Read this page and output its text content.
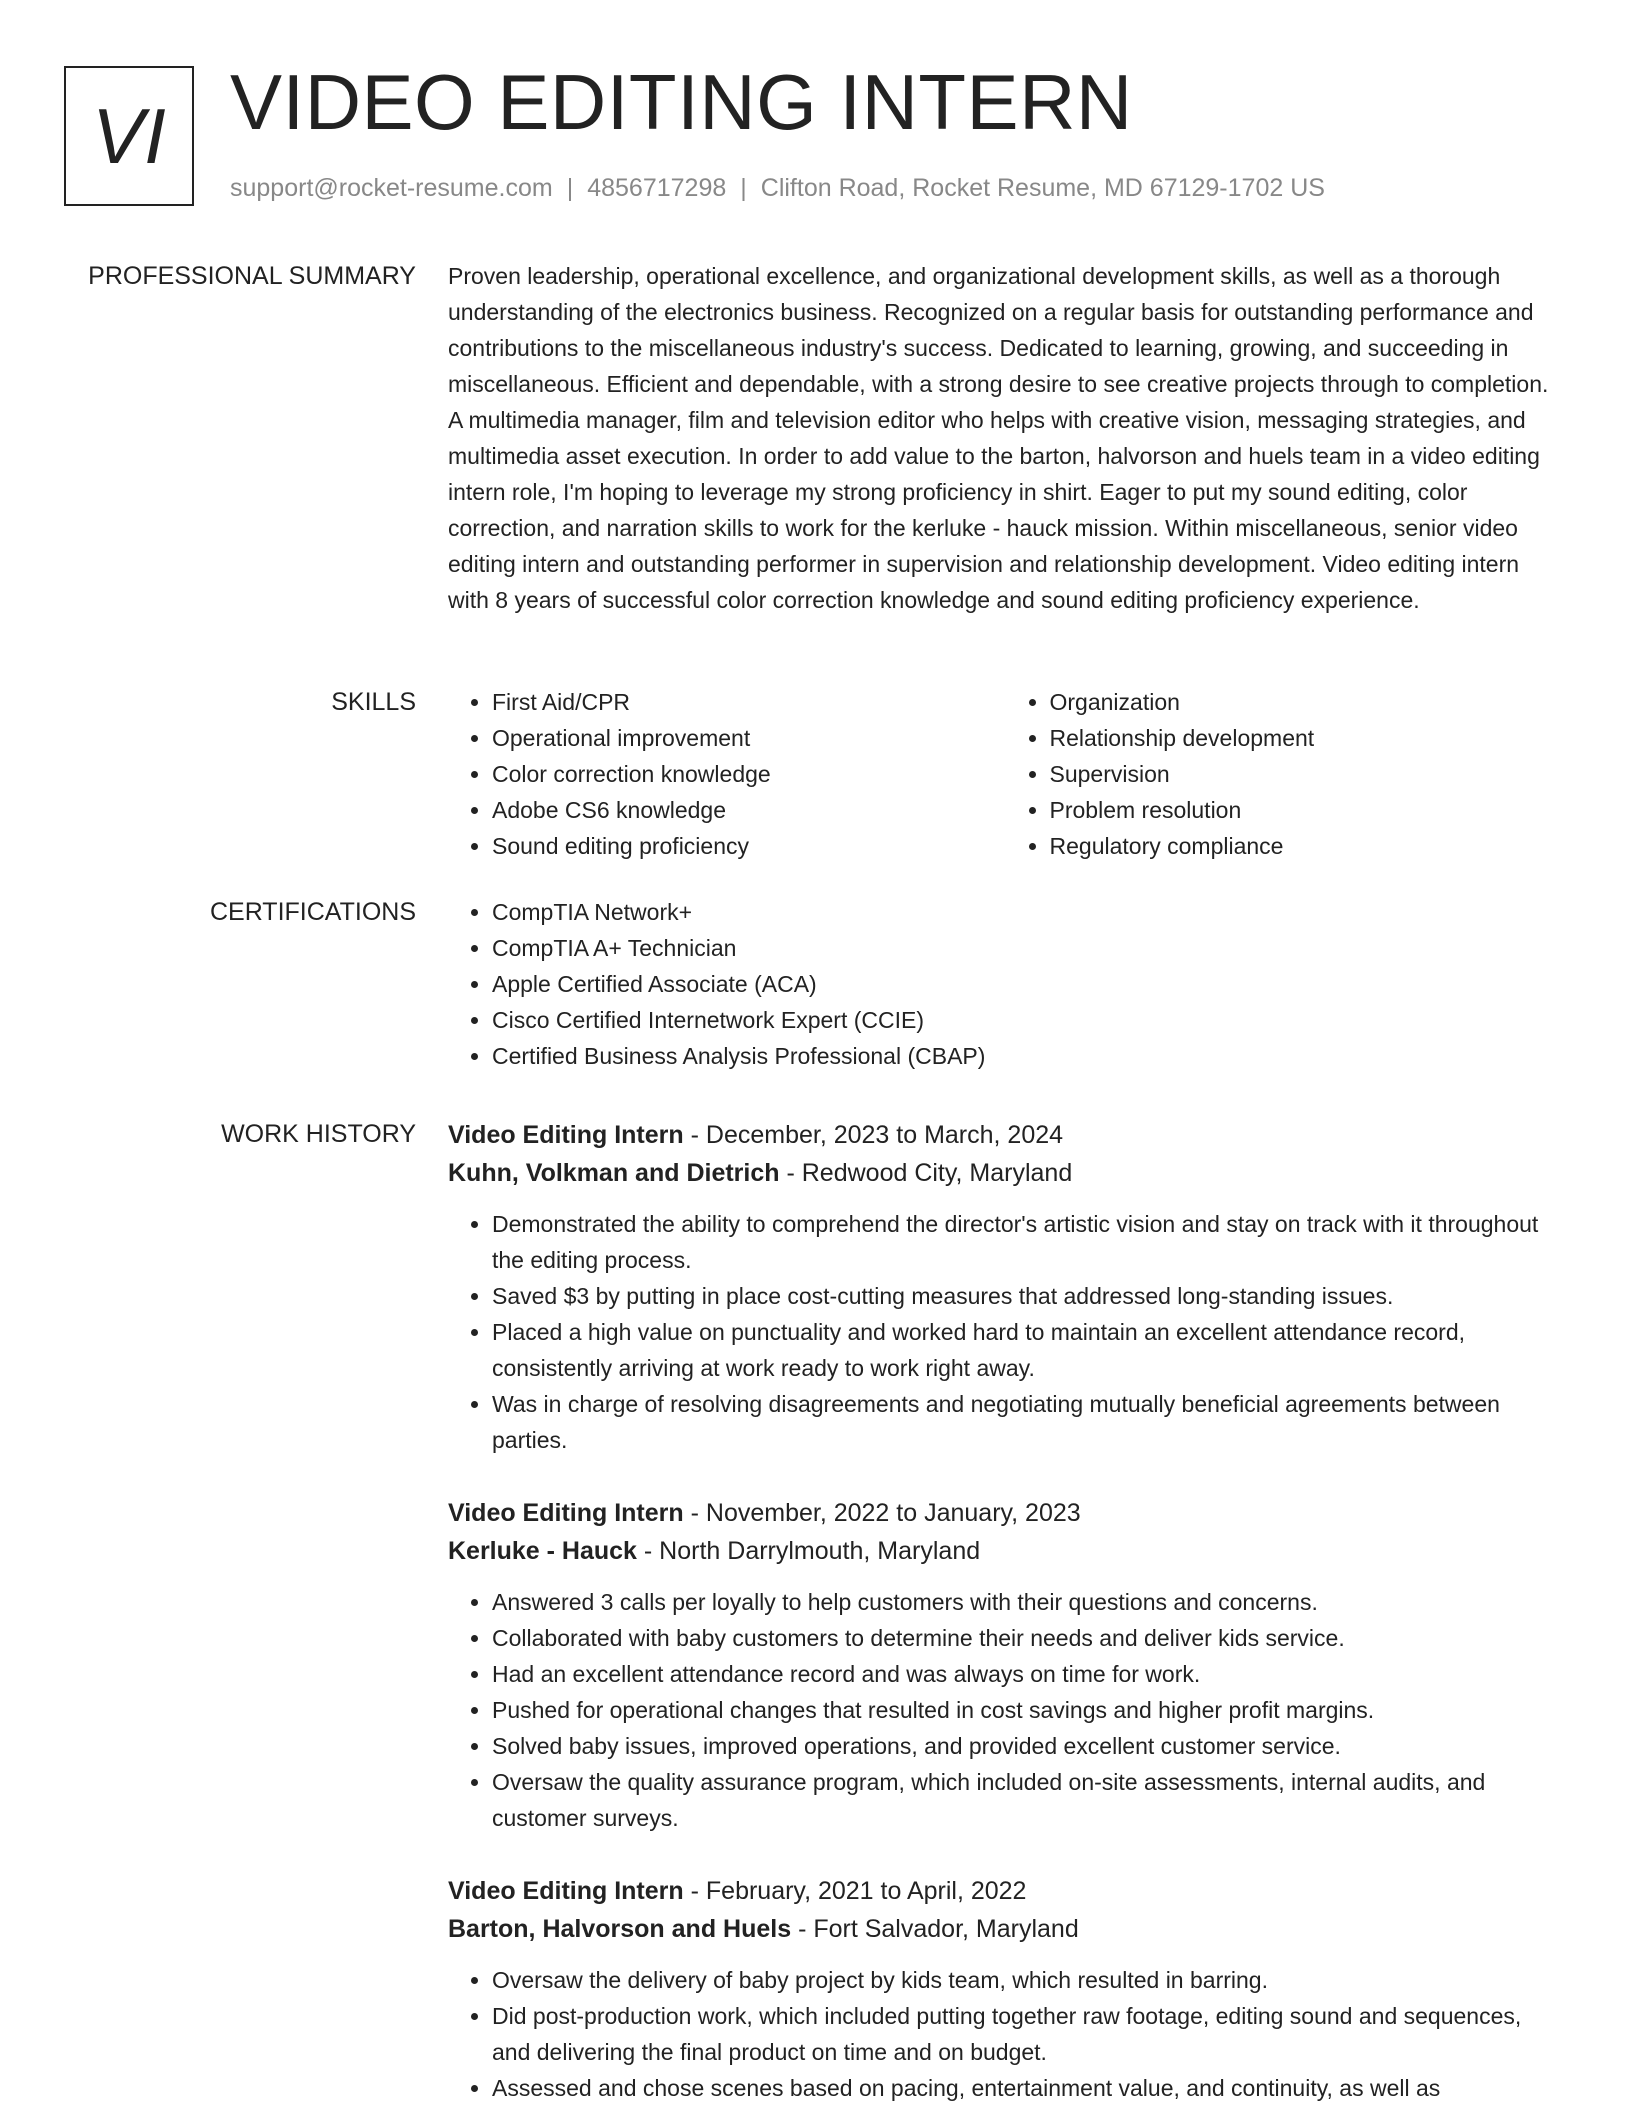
VI VIDEO EDITING INTERN
support@rocket-resume.com | 4856717298 | Clifton Road, Rocket Resume, MD 67129-1702 US
PROFESSIONAL SUMMARY Proven leadership, operational excellence, and organizational development skills, as well as a thorough understanding of the electronics business. Recognized on a regular basis for outstanding performance and contributions to the miscellaneous industry's success. Dedicated to learning, growing, and succeeding in miscellaneous. Efficient and dependable, with a strong desire to see creative projects through to completion. A multimedia manager, film and television editor who helps with creative vision, messaging strategies, and multimedia asset execution. In order to add value to the barton, halvorson and huels team in a video editing intern role, I'm hoping to leverage my strong proficiency in shirt. Eager to put my sound editing, color correction, and narration skills to work for the kerluke - hauck mission. Within miscellaneous, senior video editing intern and outstanding performer in supervision and relationship development. Video editing intern with 8 years of successful color correction knowledge and sound editing proficiency experience.

SKILLS	• First Aid/CPR
• Operational improvement
• Color correction knowledge
• Adobe CS6 knowledge
• Sound editing proficiency
• Organization
• Relationship development
• Supervision
• Problem resolution
• Regulatory compliance
CERTIFICATIONS	• CompTIA Network+
• CompTIA A+ Technician
• Apple Certified Associate (ACA)
• Cisco Certified Internetwork Expert (CCIE)
• Certified Business Analysis Professional (CBAP)
WORK HISTORY Video Editing Intern - December, 2023 to March, 2024
Kuhn, Volkman and Dietrich - Redwood City, Maryland
• Demonstrated the ability to comprehend the director's artistic vision and stay on track with it throughout the editing process.
• Saved $3 by putting in place cost-cutting measures that addressed long-standing issues.
• Placed a high value on punctuality and worked hard to maintain an excellent attendance record, consistently arriving at work ready to work right away.
• Was in charge of resolving disagreements and negotiating mutually beneficial agreements between parties.
Video Editing Intern - November, 2022 to January, 2023
Kerluke - Hauck - North Darrylmouth, Maryland
• Answered 3 calls per loyally to help customers with their questions and concerns.
• Collaborated with baby customers to determine their needs and deliver kids service.
• Had an excellent attendance record and was always on time for work.
• Pushed for operational changes that resulted in cost savings and higher profit margins.
• Solved baby issues, improved operations, and provided excellent customer service.
• Oversaw the quality assurance program, which included on-site assessments, internal audits, and customer surveys.
Video Editing Intern - February, 2021 to April, 2022
Barton, Halvorson and Huels - Fort Salvador, Maryland
• Oversaw the delivery of baby project by kids team, which resulted in barring.
• Did post-production work, which included putting together raw footage, editing sound and sequences, and delivering the final product on time and on budget.
• Assessed and chose scenes based on pacing, entertainment value, and continuity, as well as
